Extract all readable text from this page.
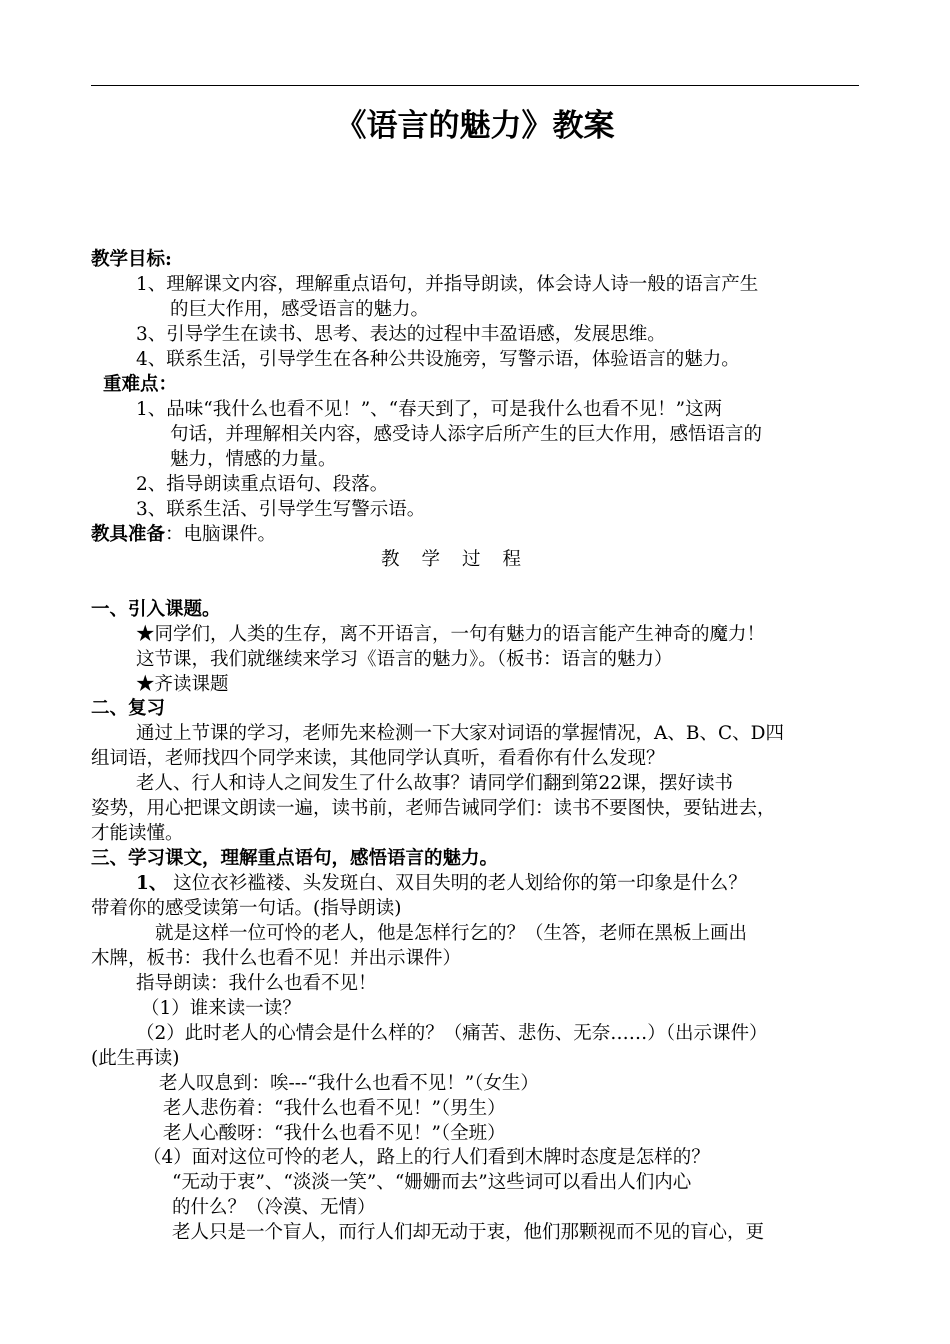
《语言的魅力》教案
教学目标:
1、理解课文内容，理解重点语句，并指导朗读，体会诗人诗一般的语言产生
的巨大作用，感受语言的魅力。
3、引导学生在读书、思考、表达的过程中丰盈语感，发展思维。
4、联系生活，引导学生在各种公共设施旁，写警示语，体验语言的魅力。
重难点：
1、品味“我什么也看不见！”、“春天到了，可是我什么也看不见！”这两
句话，并理解相关内容，感受诗人添字后所产生的巨大作用，感悟语言的
魅力，情感的力量。
2、指导朗读重点语句、段落。
3、联系生活、引导学生写警示语。
教具准备：电脑课件。
教学过程
一、引入课题。
★同学们，人类的生存，离不开语言，一句有魅力的语言能产生神奇的魔力！
这节课，我们就继续来学习《语言的魅力》。（板书：语言的魅力）
★齐读课题
二、复习
通过上节课的学习，老师先来检测一下大家对词语的掌握情况，A、B、C、D四
组词语，老师找四个同学来读，其他同学认真听，看看你有什么发现？
老人、行人和诗人之间发生了什么故事？请同学们翻到第22课，摆好读书
姿势，用心把课文朗读一遍，读书前，老师告诫同学们：读书不要图快，要钻进去，
才能读懂。
三、学习课文，理解重点语句，感悟语言的魅力。
1、 这位衣衫褴褛、头发斑白、双目失明的老人划给你的第一印象是什么？
带着你的感受读第一句话。(指导朗读)
就是这样一位可怜的老人，他是怎样行乞的？（生答，老师在黑板上画出
木牌，板书：我什么也看不见！并出示课件）
指导朗读：我什么也看不见！
（1）谁来读一读？
（2）此时老人的心情会是什么样的？（痛苦、悲伤、无奈……）（出示课件）
(此生再读)
老人叹息到：唉---“我什么也看不见！”（女生）
老人悲伤着：“我什么也看不见！”（男生）
老人心酸呀：“我什么也看不见！”（全班）
（4）面对这位可怜的老人，路上的行人们看到木牌时态度是怎样的？
“无动于衷”、“淡淡一笑”、“姗姗而去”这些词可以看出人们内心
的什么？（冷漠、无情）
老人只是一个盲人，而行人们却无动于衷，他们那颗视而不见的盲心，更
